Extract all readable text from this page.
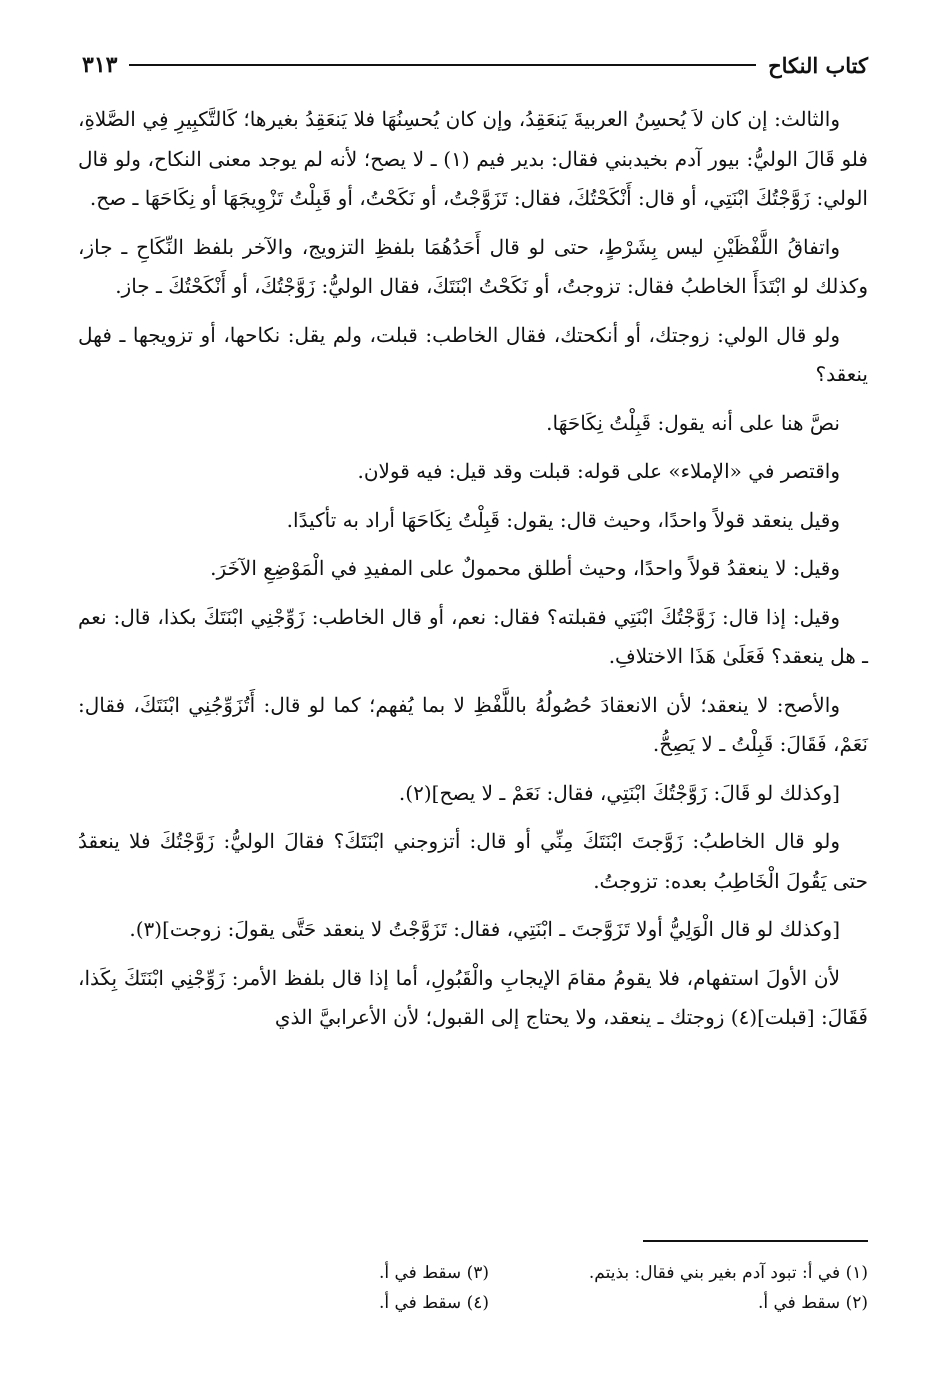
كتاب النكاح
٣١٣

والثالث: إن كان لاَ يُحسِنُ العربيةَ يَنعَقِدُ، وإن كان يُحسِنُهَا فلا يَنعَقِدُ بغيرها؛ كَالتَّكبِيرِ فِي الصَّلاةِ، فلو قَالَ الوليُّ: بيور آدم بخيدبني فقال: بدير فيم (١) ـ لا يصح؛ لأنه لم يوجد معنى النكاح، ولو قال الولي: زَوَّجْتُكَ ابْنَتِي، أو قال: أَنْكَحْتُكَ، فقال: تَزَوَّجْتُ، أو نَكَحْتُ، أو قَبِلْتُ تَزْوِيجَهَا أو نِكَاحَهَا ـ صح.

واتفاقُ اللَّفْظَيْنِ ليس بِشَرْطٍ، حتى لو قال أَحَدُهُمَا بلفظِ التزويج، والآخر بلفظ النِّكَاحِ ـ جاز، وكذلك لو ابْتَدَأَ الخاطبُ فقال: تزوجتُ، أو نَكَحْتُ ابْنَتَكَ، فقال الوليُّ: زَوَّجْتُكَ، أو أَنْكَحْتُكَ ـ جاز.

ولو قال الولي: زوجتك، أو أنكحتك، فقال الخاطب: قبلت، ولم يقل: نكاحها، أو تزويجها ـ فهل ينعقد؟

نصَّ هنا على أنه يقول: قَبِلْتُ نِكَاحَهَا.

واقتصر في «الإملاء» على قوله: قبلت وقد قيل: فيه قولان.

وقيل ينعقد قولاً واحدًا، وحيث قال: يقول: قَبِلْتُ نِكَاحَهَا أراد به تأكيدًا.

وقيل: لا ينعقدُ قولاً واحدًا، وحيث أطلق محمولٌ على المفيدِ في الْمَوْضِعِ الآخَرَ.

وقيل: إذا قال: زَوَّجْتُكَ ابْنَتِي فقبلته؟ فقال: نعم، أو قال الخاطب: زَوِّجْنِي ابْنَتَكَ بكذا، قال: نعم ـ هل ينعقد؟ فَعَلَىٰ هَذَا الاختلافِ.

والأصح: لا ينعقد؛ لأن الانعقادَ حُصُولُهُ باللَّفْظِ لا بما يُفهم؛ كما لو قال: أَتُزَوِّجُنِي ابْنَتَكَ، فقال: نَعَمْ، فَقَالَ: قَبِلْتُ ـ لا يَصِحُّ.

[وكذلك لو قَالَ: زَوَّجْتُكَ ابْنَتِي، فقال: نَعَمْ ـ لا يصح](٢).

ولو قال الخاطبُ: زَوَّجتَ ابْنَتَكَ مِنِّي أو قال: أتزوجني ابْنَتَكَ؟ فقالَ الوليُّ: زَوَّجْتُكَ فلا ينعقدُ حتى يَقُولَ الْخَاطِبُ بعده: تزوجتُ.

[وكذلك لو قال الْوَلِيُّ أولا تَزَوَّجتَ ـ ابْنَتِي، فقال: تَزَوَّجْتُ لا ينعقد حَتَّى يقولَ: زوجت](٣).

لأن الأولَ استفهام، فلا يقومُ مقامَ الإيجابِ والْقَبُولِ، أما إذا قال بلفظ الأمر: زَوِّجْنِي ابْنَتَكَ بِكَذا، فَقَالَ: [قبلت](٤) زوجتك ـ ينعقد، ولا يحتاج إلى القبول؛ لأن الأعرابيَّ الذي

(١) في أ: تبود آدم بغير بني فقال: بذيتم.
(٣) سقط في أ.
(٢) سقط في أ.
(٤) سقط في أ.
